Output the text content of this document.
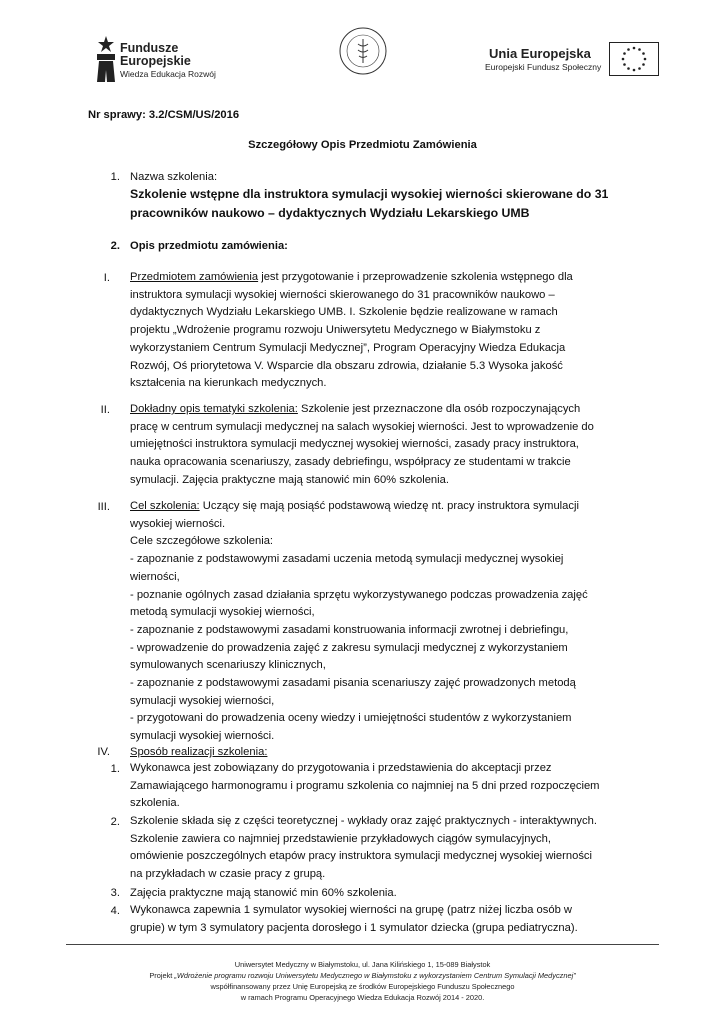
Fundusze
Europejskie
Wiedza Edukacja Rozwój
Unia Europejska
Europejski Fundusz Społeczny
Nr sprawy: 3.2/CSM/US/2016
Szczegółowy Opis Przedmiotu Zamówienia
1. Nazwa szkolenia:
Szkolenie wstępne dla instruktora symulacji wysokiej wierności skierowane do 31
pracowników naukowo – dydaktycznych Wydziału Lekarskiego UMB
2. Opis przedmiotu zamówienia:
I. Przedmiotem zamówienia jest przygotowanie i przeprowadzenie szkolenia wstępnego dla
instruktora symulacji wysokiej wierności skierowanego do 31 pracowników naukowo –
dydaktycznych Wydziału Lekarskiego UMB. I. Szkolenie będzie realizowane w ramach
projektu „Wdrożenie programu rozwoju Uniwersytetu Medycznego w Białymstoku z
wykorzystaniem Centrum Symulacji Medycznej”, Program Operacyjny Wiedza Edukacja
Rozwój, Oś priorytetowa V. Wsparcie dla obszaru zdrowia, działanie 5.3 Wysoka jakość
kształcenia na kierunkach medycznych.
II. Dokładny opis tematyki szkolenia: Szkolenie jest przeznaczone dla osób rozpoczynających
pracę w centrum symulacji medycznej na salach wysokiej wierności. Jest to wprowadzenie do
umiejętności instruktora symulacji medycznej wysokiej wierności, zasady pracy instruktora,
nauka opracowania scenariuszy, zasady debriefingu, współpracy ze studentami w trakcie
symulacji. Zajęcia praktyczne mają stanowić min 60% szkolenia.
III. Cel szkolenia: Uczący się mają posiąść podstawową wiedzę nt. pracy instruktora symulacji
wysokiej wierności.
Cele szczegółowe szkolenia:
- zapoznanie z podstawowymi zasadami uczenia metodą symulacji medycznej wysokiej
wierności,
- poznanie ogólnych zasad działania sprzętu wykorzystywanego podczas prowadzenia zajęć
metodą symulacji wysokiej wierności,
- zapoznanie z podstawowymi zasadami konstruowania informacji zwrotnej i debriefingu,
- wprowadzenie do prowadzenia zajęć z zakresu symulacji medycznej z wykorzystaniem
symulowanych scenariuszy klinicznych,
- zapoznanie z podstawowymi zasadami pisania scenariuszy zajęć prowadzonych metodą
symulacji wysokiej wierności,
- przygotowani do prowadzenia oceny wiedzy i umiejętności studentów z wykorzystaniem
symulacji wysokiej wierności.
IV. Sposób realizacji szkolenia:
1. Wykonawca jest zobowiązany do przygotowania i przedstawienia do akceptacji przez
Zamawiającego harmonogramu i programu szkolenia co najmniej na 5 dni przed rozpoczęciem
szkolenia.
2. Szkolenie składa się z części teoretycznej - wykłady oraz zajęć praktycznych - interaktywnych.
Szkolenie zawiera co najmniej przedstawienie przykładowych ciągów symulacyjnych,
omówienie poszczególnych etapów pracy instruktora symulacji medycznej wysokiej wierności
na przykładach w czasie pracy z grupą.
3. Zajęcia praktyczne mają stanowić min 60% szkolenia.
4. Wykonawca zapewnia 1 symulator wysokiej wierności na grupę (patrz niżej liczba osób w
grupie) w tym 3 symulatory pacjenta dorosłego i 1 symulator dziecka (grupa pediatryczna).
Uniwersytet Medyczny w Białymstoku, ul. Jana Kilińskiego 1, 15-089 Białystok
Projekt „Wdrożenie programu rozwoju Uniwersytetu Medycznego w Białymstoku z wykorzystaniem Centrum Symulacji Medycznej”
współfinansowany przez Unię Europejską ze środków Europejskiego Funduszu Społecznego
w ramach Programu Operacyjnego Wiedza Edukacja Rozwój 2014 - 2020.
